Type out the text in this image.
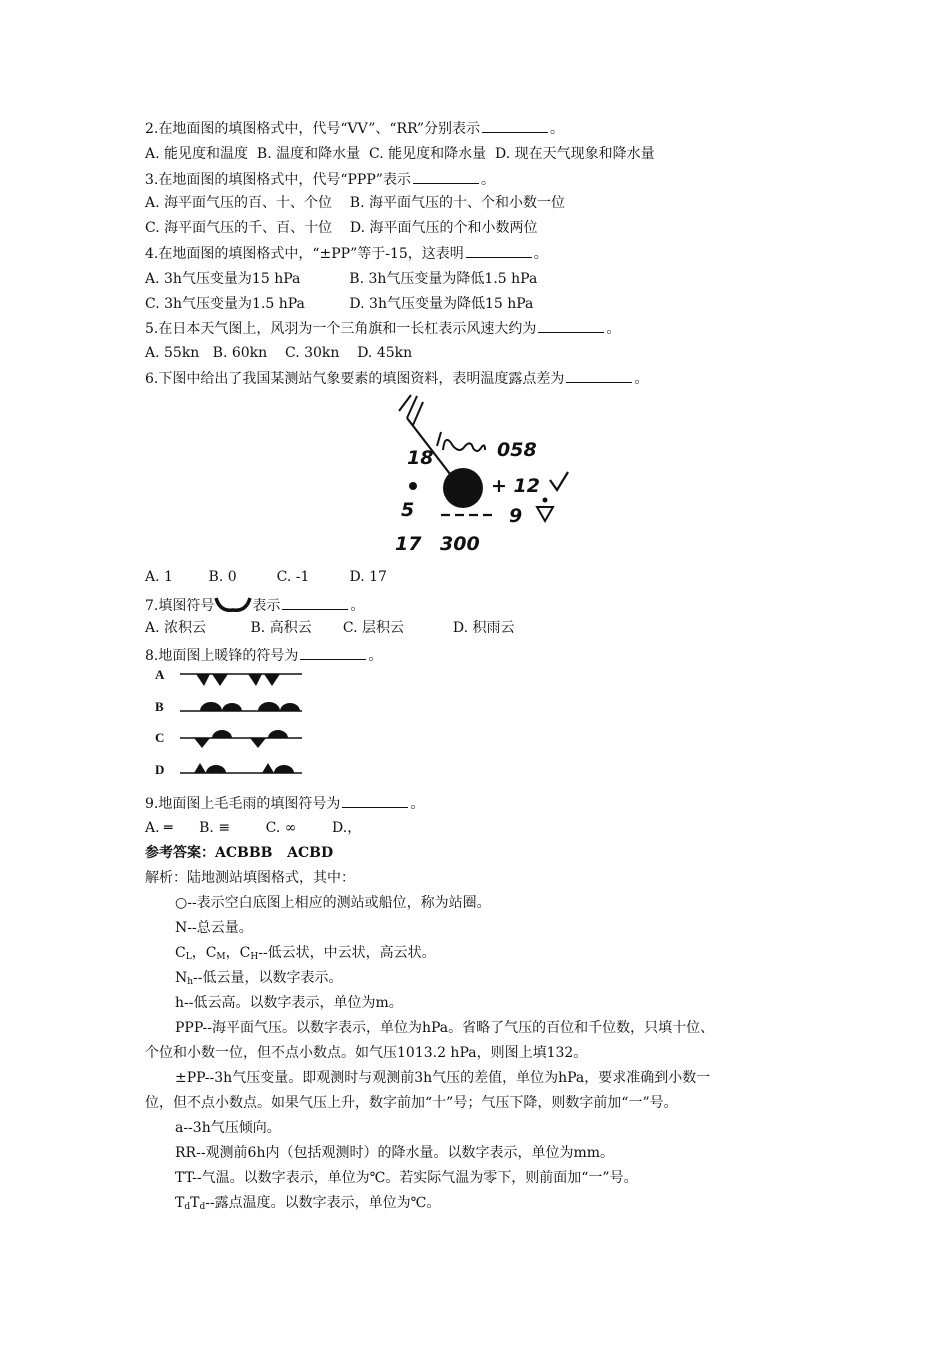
2.在地面图的填图格式中，代号“VV”、“RR”分别表示	。
A. 能见度和温度  B. 温度和降水量  C. 能见度和降水量  D. 现在天气现象和降水量
3.在地面图的填图格式中，代号“PPP”表示	。
A. 海平面气压的百、十、个位    B. 海平面气压的十、个和小数一位
C. 海平面气压的千、百、十位    D. 海平面气压的个和小数两位
4.在地面图的填图格式中，“±PP”等于-15，这表明	。
A. 3h气压变量为15 hPa           B. 3h气压变量为降低1.5 hPa
C. 3h气压变量为1.5 hPa          D. 3h气压变量为降低15 hPa
5.在日本天气图上，风羽为一个三角旗和一长杠表示风速大约为	。
A. 55kn   B. 60kn    C. 30kn    D. 45kn
6.下图中给出了我国某测站气象要素的填图资料，表明温度露点差为	。
18	058
+ 12
5	9
17 300
A. 1        B. 0         C. -1         D. 17
7.填图符号	表示	。
A. 浓积云          B. 高积云       C. 层积云           D. 积雨云
8.地面图上暖锋的符号为	。
A
B
C
D
9.地面图上毛毛雨的填图符号为	。
A. ═      B. ≡        C. ∞        D.，
参考答案：ACBBB   ACBD
解析：陆地测站填图格式，其中：
○--表示空白底图上相应的测站或船位，称为站圈。
N--总云量。
$C_L$，$C_M$，$C_H--$低云状，中云状，高云状。
$N_h--$低云量，以数字表示。
h--低云高。以数字表示，单位为m。
PPP--海平面气压。以数字表示，单位为hPa。省略了气压的百位和千位数，只填十位、
个位和小数一位，但不点小数点。如气压1013.2 hPa，则图上填132。
±PP--3h气压变量。即观测时与观测前3h气压的差值，单位为hPa，要求准确到小数一
位，但不点小数点。如果气压上升，数字前加“十”号；气压下降，则数字前加“一”号。
a--3h气压倾向。
RR--观测前6h内（包括观测时）的降水量。以数字表示，单位为mm。
TT--气温。以数字表示，单位为℃。若实际气温为零下，则前面加“一”号。
$T_dT_d--$露点温度。以数字表示，单位为℃。
